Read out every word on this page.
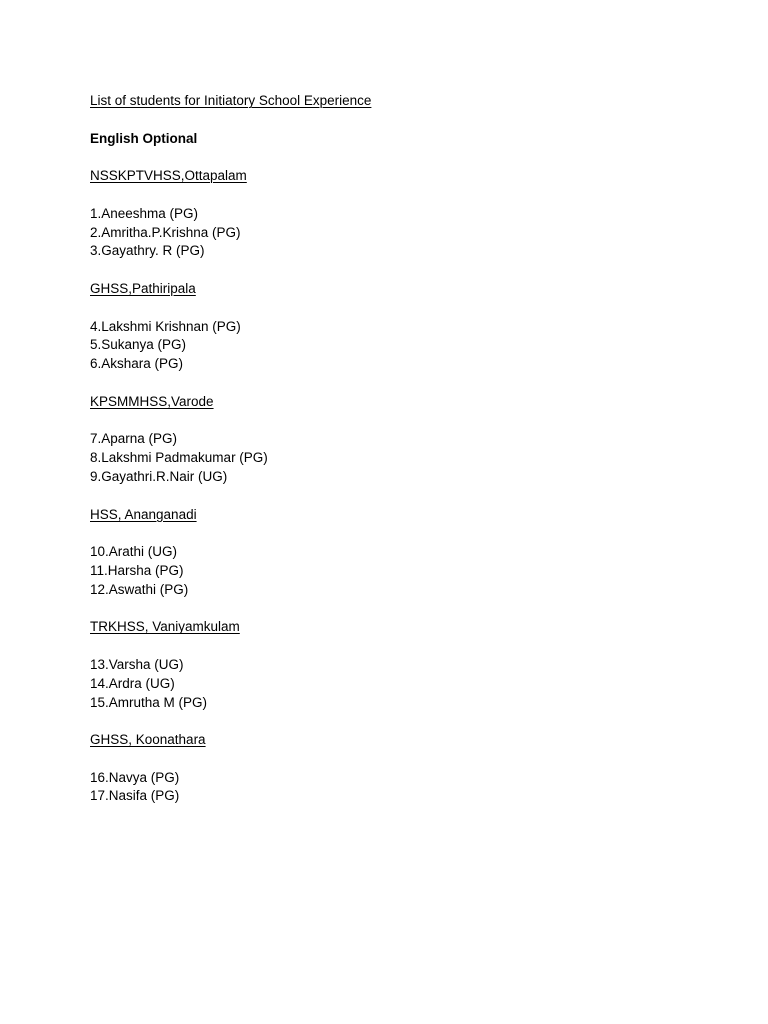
List of students for Initiatory School Experience
English Optional
NSSKPTVHSS,Ottapalam
1.Aneeshma (PG)
2.Amritha.P.Krishna (PG)
3.Gayathry. R (PG)
GHSS,Pathiripala
4.Lakshmi Krishnan (PG)
5.Sukanya (PG)
6.Akshara (PG)
KPSMMHSS,Varode
7.Aparna (PG)
8.Lakshmi Padmakumar (PG)
9.Gayathri.R.Nair (UG)
HSS, Ananganadi
10.Arathi (UG)
11.Harsha (PG)
12.Aswathi (PG)
TRKHSS, Vaniyamkulam
13.Varsha (UG)
14.Ardra (UG)
15.Amrutha M (PG)
GHSS, Koonathara
16.Navya (PG)
17.Nasifa (PG)
